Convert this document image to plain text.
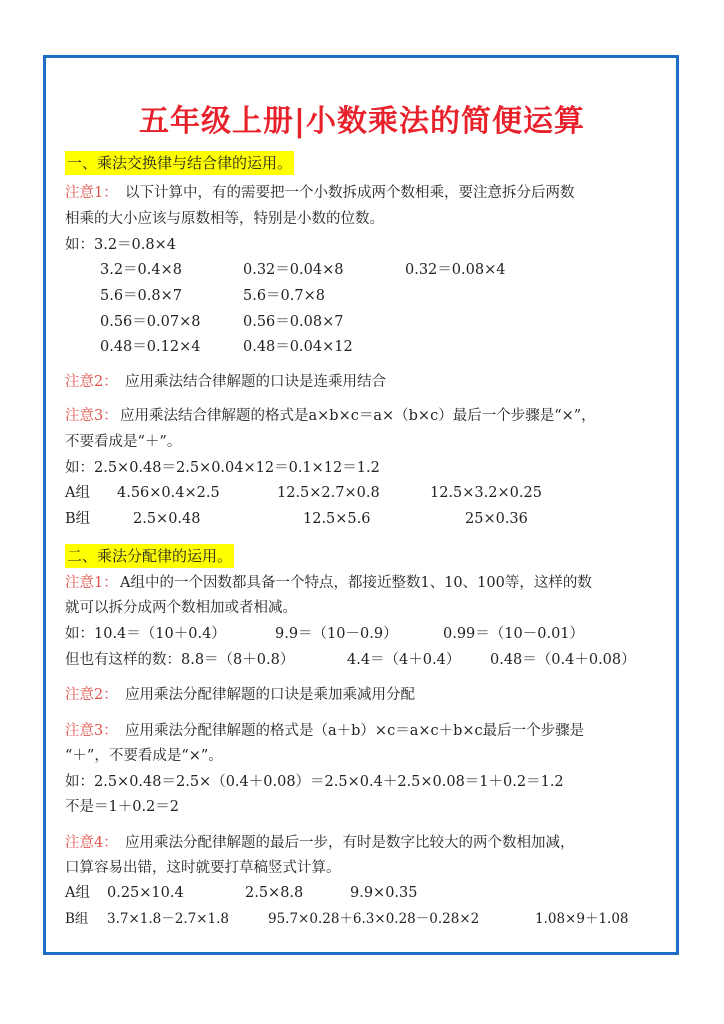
五年级上册|小数乘法的简便运算
一、乘法交换律与结合律的运用。
注意1： 以下计算中，有的需要把一个小数拆成两个数相乘，要注意拆分后两数
相乘的大小应该与原数相等，特别是小数的位数。
如：3.2＝0.8×4
3.2＝0.4×8	0.32＝0.04×8	0.32＝0.08×4
5.6＝0.8×7	5.6＝0.7×8
0.56＝0.07×8	0.56＝0.08×7
0.48＝0.12×4	0.48＝0.04×12
注意2： 应用乘法结合律解题的口诀是连乘用结合
注意3： 应用乘法结合律解题的格式是a×b×c＝a×（b×c）最后一个步骤是“×”，
不要看成是“＋”。
如：2.5×0.48＝2.5×0.04×12＝0.1×12＝1.2
A组 4.56×0.4×2.5	12.5×2.7×0.8	12.5×3.2×0.25
B组	2.5×0.48	12.5×5.6	25×0.36
二、乘法分配律的运用。
注意1： A组中的一个因数都具备一个特点，都接近整数1、10、100等，这样的数
就可以拆分成两个数相加或者相减。
如：10.4＝（10＋0.4）	9.9＝（10－0.9）	0.99＝（10－0.01）
但也有这样的数：8.8＝（8＋0.8）	4.4＝（4＋0.4） 0.48＝（0.4＋0.08）
注意2： 应用乘法分配律解题的口诀是乘加乘减用分配
注意3： 应用乘法分配律解题的格式是（a＋b）×c＝a×c＋b×c最后一个步骤是
“＋”，不要看成是“×”。
如：2.5×0.48＝2.5×（0.4＋0.08）＝2.5×0.4＋2.5×0.08＝1＋0.2＝1.2
不是＝1＋0.2＝2
注意4： 应用乘法分配律解题的最后一步，有时是数字比较大的两个数相加减，
口算容易出错，这时就要打草稿竖式计算。
A组 0.25×10.4	2.5×8.8	9.9×0.35
B组 3.7×1.8－2.7×1.8	95.7×0.28＋6.3×0.28－0.28×2	1.08×9＋1.08
